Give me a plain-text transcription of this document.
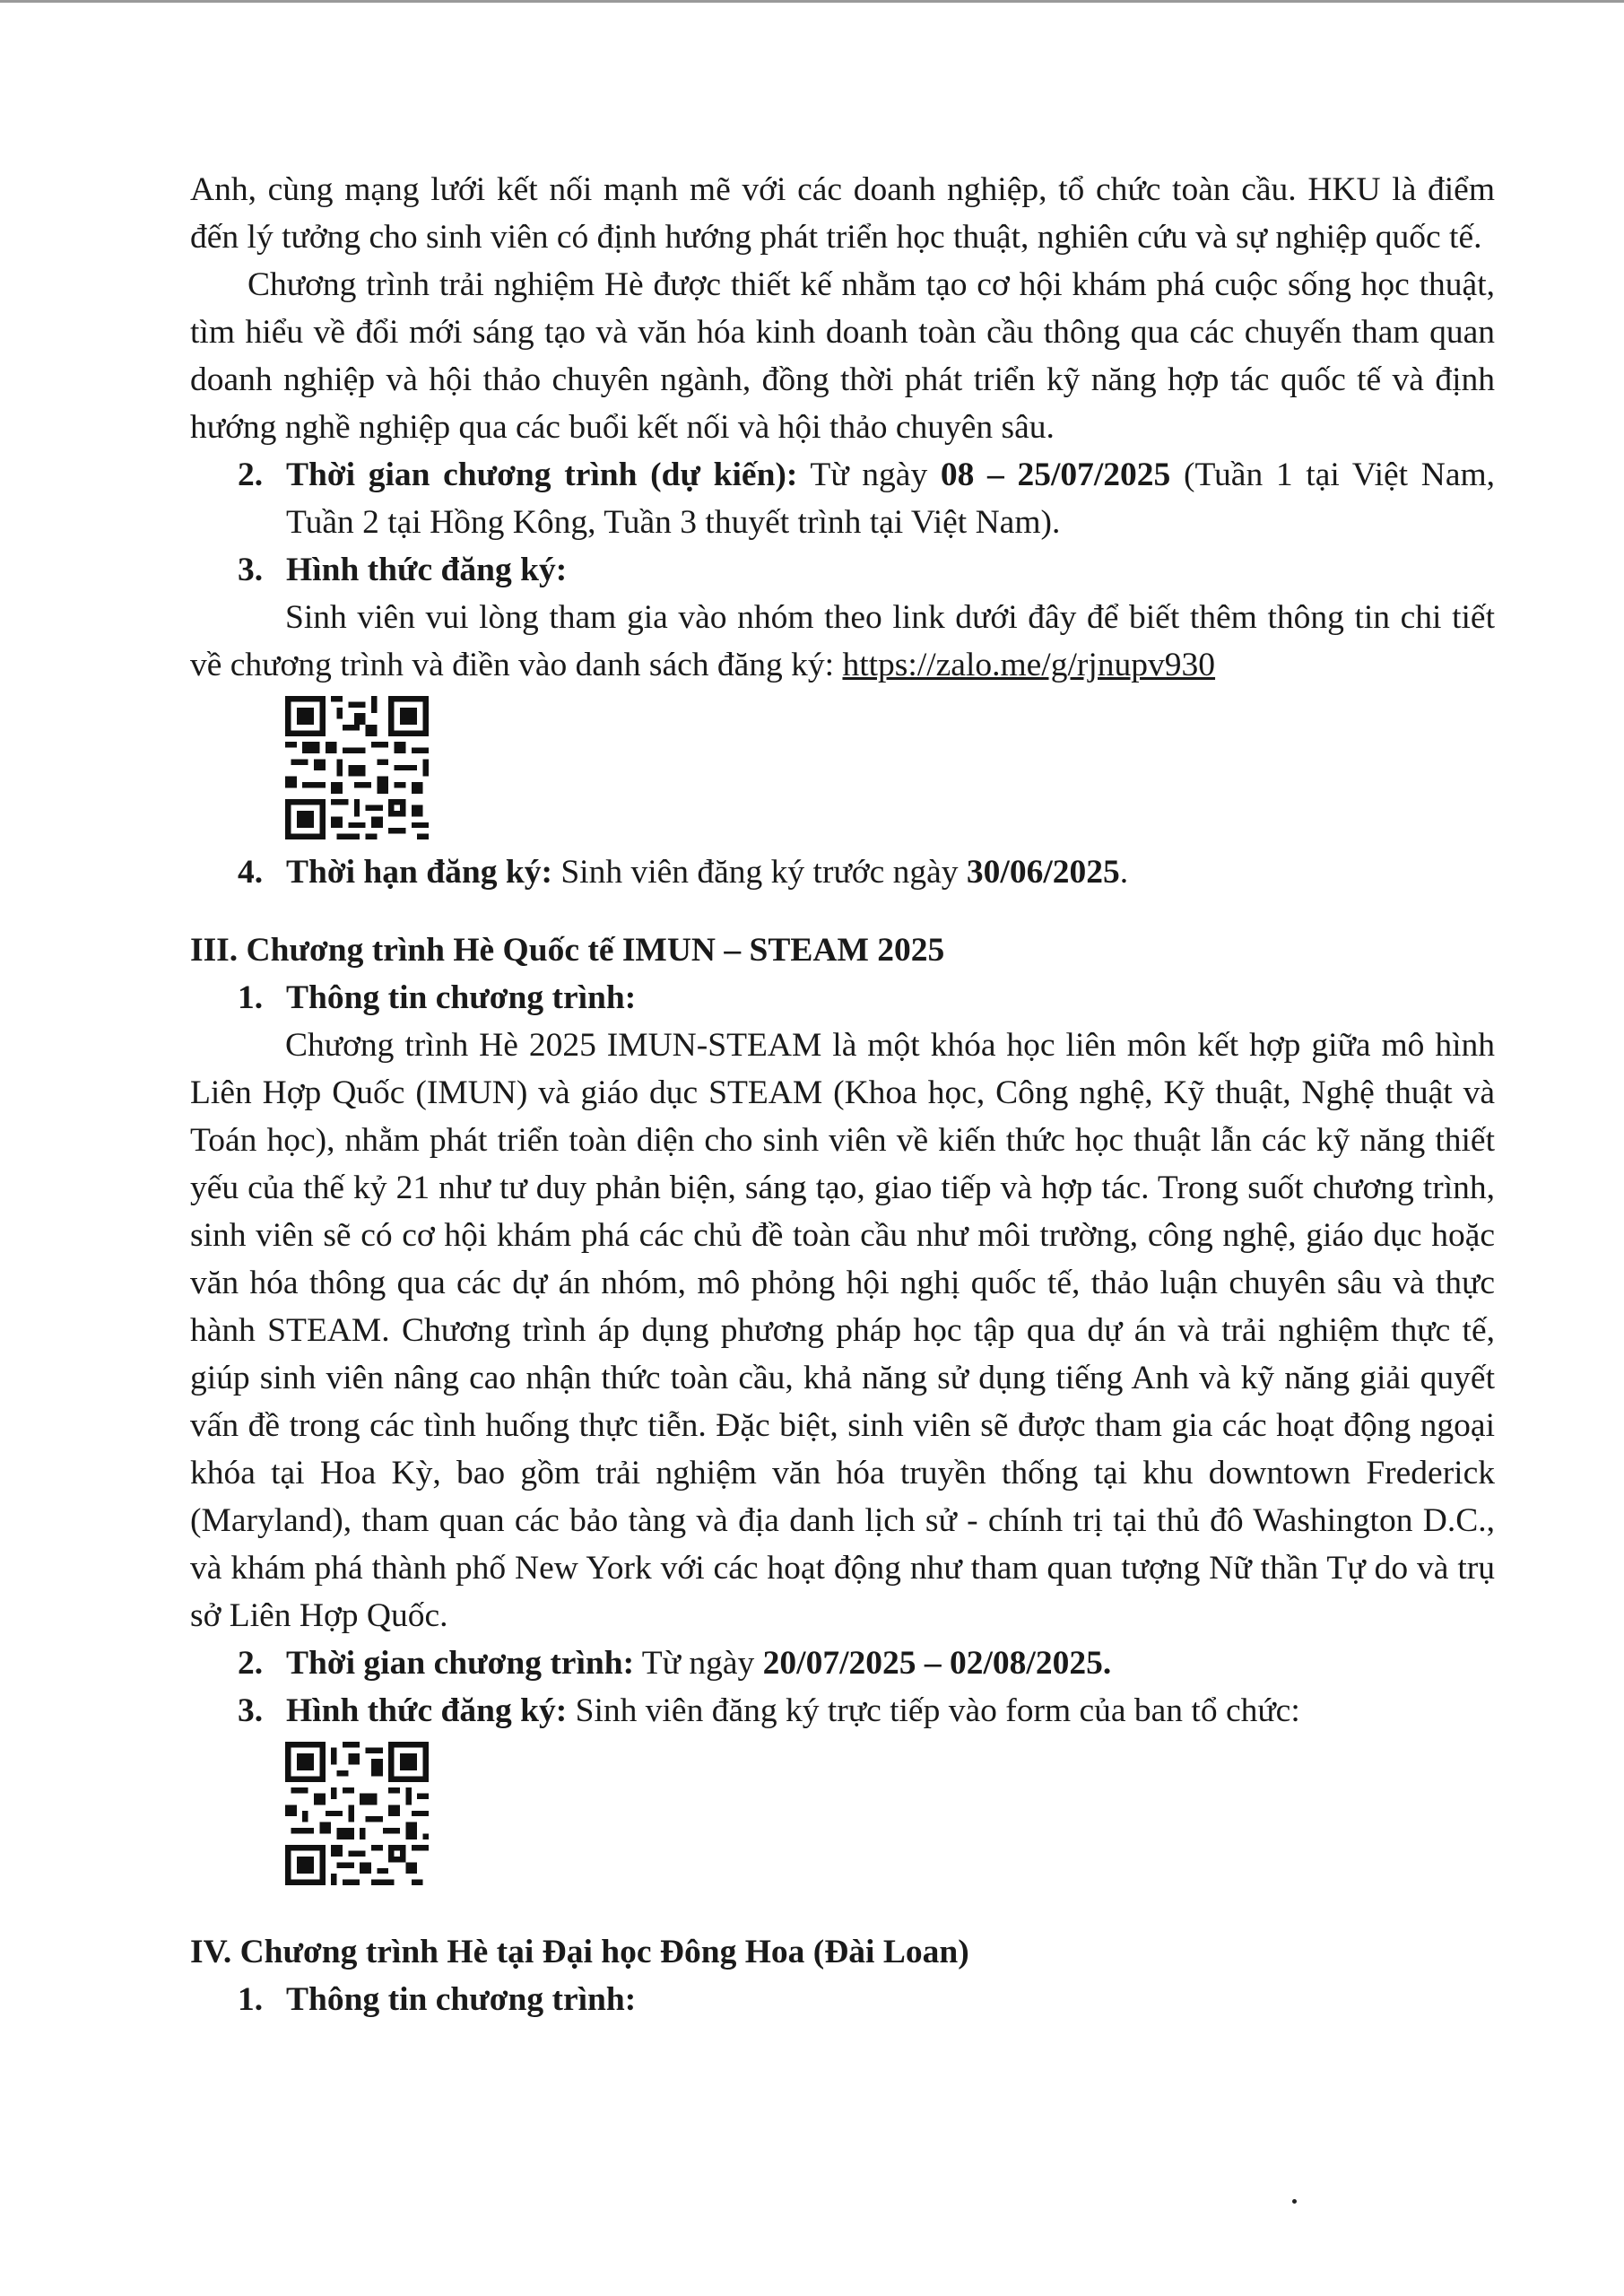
Anh, cùng mạng lưới kết nối mạnh mẽ với các doanh nghiệp, tổ chức toàn cầu. HKU là điểm đến lý tưởng cho sinh viên có định hướng phát triển học thuật, nghiên cứu và sự nghiệp quốc tế.

Chương trình trải nghiệm Hè được thiết kế nhằm tạo cơ hội khám phá cuộc sống học thuật, tìm hiểu về đổi mới sáng tạo và văn hóa kinh doanh toàn cầu thông qua các chuyến tham quan doanh nghiệp và hội thảo chuyên ngành, đồng thời phát triển kỹ năng hợp tác quốc tế và định hướng nghề nghiệp qua các buổi kết nối và hội thảo chuyên sâu.

2. Thời gian chương trình (dự kiến): Từ ngày 08 – 25/07/2025 (Tuần 1 tại Việt Nam, Tuần 2 tại Hồng Kông, Tuần 3 thuyết trình tại Việt Nam).
3. Hình thức đăng ký:

Sinh viên vui lòng tham gia vào nhóm theo link dưới đây để biết thêm thông tin chi tiết về chương trình và điền vào danh sách đăng ký: https://zalo.me/g/rjnupv930

4. Thời hạn đăng ký: Sinh viên đăng ký trước ngày 30/06/2025.
III. Chương trình Hè Quốc tế IMUN – STEAM 2025
1. Thông tin chương trình:

Chương trình Hè 2025 IMUN-STEAM là một khóa học liên môn kết hợp giữa mô hình Liên Hợp Quốc (IMUN) và giáo dục STEAM (Khoa học, Công nghệ, Kỹ thuật, Nghệ thuật và Toán học), nhằm phát triển toàn diện cho sinh viên về kiến thức học thuật lẫn các kỹ năng thiết yếu của thế kỷ 21 như tư duy phản biện, sáng tạo, giao tiếp và hợp tác. Trong suốt chương trình, sinh viên sẽ có cơ hội khám phá các chủ đề toàn cầu như môi trường, công nghệ, giáo dục hoặc văn hóa thông qua các dự án nhóm, mô phỏng hội nghị quốc tế, thảo luận chuyên sâu và thực hành STEAM. Chương trình áp dụng phương pháp học tập qua dự án và trải nghiệm thực tế, giúp sinh viên nâng cao nhận thức toàn cầu, khả năng sử dụng tiếng Anh và kỹ năng giải quyết vấn đề trong các tình huống thực tiễn. Đặc biệt, sinh viên sẽ được tham gia các hoạt động ngoại khóa tại Hoa Kỳ, bao gồm trải nghiệm văn hóa truyền thống tại khu downtown Frederick (Maryland), tham quan các bảo tàng và địa danh lịch sử - chính trị tại thủ đô Washington D.C., và khám phá thành phố New York với các hoạt động như tham quan tượng Nữ thần Tự do và trụ sở Liên Hợp Quốc.

2. Thời gian chương trình: Từ ngày 20/07/2025 – 02/08/2025.
3. Hình thức đăng ký: Sinh viên đăng ký trực tiếp vào form của ban tổ chức:
IV. Chương trình Hè tại Đại học Đông Hoa (Đài Loan)
1. Thông tin chương trình:
